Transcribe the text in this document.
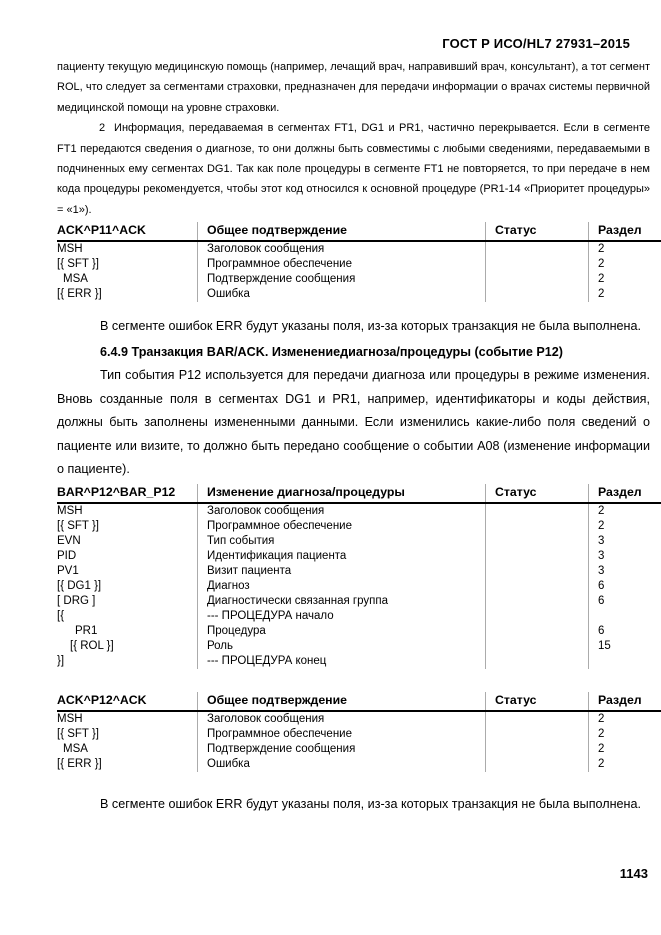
ГОСТ Р ИСО/HL7 27931–2015

пациенту текущую медицинскую помощь (например, лечащий врач, направивший врач, консультант), а тот сегмент ROL, что следует за сегментами страховки, предназначен для передачи информации о врачах системы первичной медицинской помощи на уровне страховки.

2  Информация, передаваемая в сегментах FT1, DG1 и PR1, частично перекрывается. Если в сегменте FT1 передаются сведения о диагнозе, то они должны быть совместимы с любыми сведениями, передаваемыми в подчиненных ему сегментах DG1. Так как поле процедуры в сегменте FT1 не повторяется, то при передаче в нем кода процедуры рекомендуется, чтобы этот код относился к основной процедуре (PR1-14 «Приоритет процедуры» = «1»).

ACK^P11^ACK	Общее подтверждение	Статус	Раздел
MSH	Заголовок сообщения		2
[{ SFT }]	Программное обеспечение		2
MSA	Подтверждение сообщения		2
[{ ERR }]	Ошибка		2

В сегменте ошибок ERR будут указаны поля, из-за которых транзакция не была выполнена.

6.4.9 Транзакция BAR/ACK. Изменениедиагноза/процедуры (событие P12)

Тип события P12 используется для передачи диагноза или процедуры в режиме изменения. Вновь созданные поля в сегментах DG1 и PR1, например, идентификаторы и коды действия, должны быть заполнены измененными данными. Если изменились какие-либо поля сведений о пациенте или визите, то должно быть передано сообщение о событии A08 (изменение информации о пациенте).

BAR^P12^BAR_P12	Изменение диагноза/процедуры	Статус	Раздел
MSH	Заголовок сообщения		2
[{ SFT }]	Программное обеспечение		2
EVN	Тип события		3
PID	Идентификация пациента		3
PV1	Визит пациента		3
[{ DG1 }]	Диагноз		6
[ DRG ]	Диагностически связанная группа		6
[{	--- ПРОЦЕДУРА начало		
PR1	Процедура		6
[{ ROL }]	Роль		15
}]	--- ПРОЦЕДУРА конец		
ACK^P12^ACK	Общее подтверждение	Статус	Раздел
MSH	Заголовок сообщения		2
[{ SFT }]	Программное обеспечение		2
MSA	Подтверждение сообщения		2
[{ ERR }]	Ошибка		2

В сегменте ошибок ERR будут указаны поля, из-за которых транзакция не была выполнена.

1143
